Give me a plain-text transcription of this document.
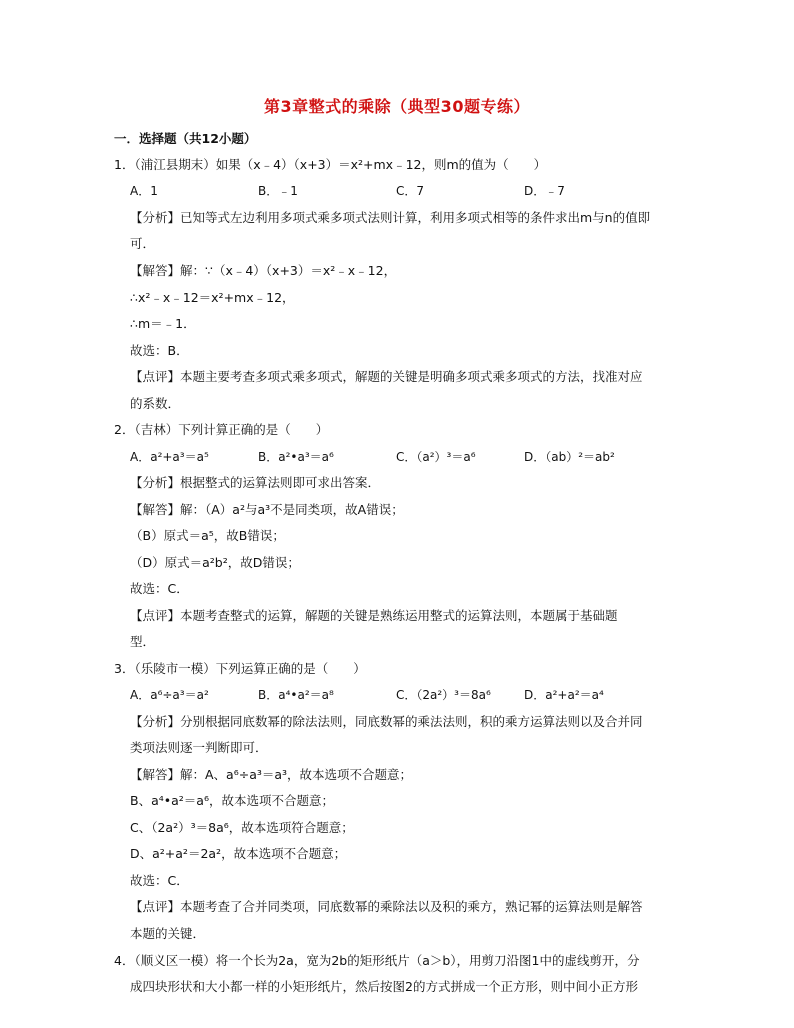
第3章整式的乘除（典型30题专练）
一．选择题（共12小题）
1．（浦江县期末）如果（x﹣4）（x+3）＝x²+mx﹣12，则m的值为（　　）
A．1	B．﹣1	C．7	D．﹣7
【分析】已知等式左边利用多项式乘多项式法则计算，利用多项式相等的条件求出m与n的值即
可．
【解答】解：∵（x﹣4）（x+3）＝x²﹣x﹣12，
∴x²﹣x﹣12＝x²+mx﹣12，
∴m＝﹣1．
故选：B．
【点评】本题主要考查多项式乘多项式，解题的关键是明确多项式乘多项式的方法，找准对应
的系数．
2．（吉林）下列计算正确的是（　　）
A．a²+a³＝a⁵	B．a²•a³＝a⁶	C．（a²）³＝a⁶	D．（ab）²＝ab²
【分析】根据整式的运算法则即可求出答案．
【解答】解：（A）a²与a³不是同类项，故A错误；
（B）原式＝a⁵，故B错误；
（D）原式＝a²b²，故D错误；
故选：C．
【点评】本题考查整式的运算，解题的关键是熟练运用整式的运算法则，本题属于基础题
型．
3．（乐陵市一模）下列运算正确的是（　　）
A．a⁶÷a³＝a²	B．a⁴•a²＝a⁸	C．（2a²）³＝8a⁶	D．a²+a²＝a⁴
【分析】分别根据同底数幂的除法法则，同底数幂的乘法法则，积的乘方运算法则以及合并同
类项法则逐一判断即可．
【解答】解：A、a⁶÷a³＝a³，故本选项不合题意；
B、a⁴•a²＝a⁶，故本选项不合题意；
C、（2a²）³＝8a⁶，故本选项符合题意；
D、a²+a²＝2a²，故本选项不合题意；
故选：C．
【点评】本题考查了合并同类项，同底数幂的乘除法以及积的乘方，熟记幂的运算法则是解答
本题的关键．
4．（顺义区一模）将一个长为2a，宽为2b的矩形纸片（a＞b），用剪刀沿图1中的虚线剪开，分
成四块形状和大小都一样的小矩形纸片，然后按图2的方式拼成一个正方形，则中间小正方形
